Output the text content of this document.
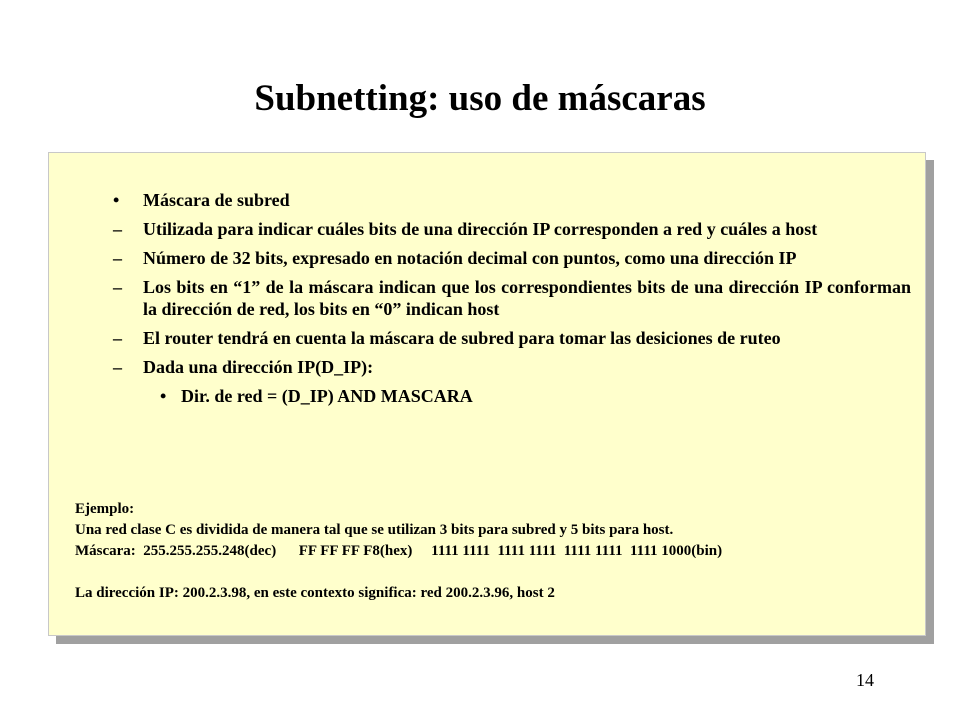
Subnetting: uso de máscaras
• Máscara de subred
– Utilizada para indicar cuáles bits de una dirección IP corresponden a red y cuáles a host
– Número de 32 bits, expresado en notación decimal con puntos, como una dirección IP
– Los bits en “1” de la máscara indican que los correspondientes bits de una dirección IP conforman la dirección de red, los bits en “0” indican host
– El router tendrá en cuenta la máscara de subred para tomar las desiciones de ruteo
– Dada una dirección IP(D_IP):
• Dir. de red = (D_IP) AND MASCARA
Ejemplo:
Una red clase C es dividida de manera tal que se utilizan 3 bits para subred y 5 bits para host.
Máscara:  255.255.255.248(dec)      FF FF FF F8(hex)     1111 1111  1111 1111  1111 1111  1111 1000(bin)
La dirección IP: 200.2.3.98, en este contexto significa: red 200.2.3.96, host 2
14
